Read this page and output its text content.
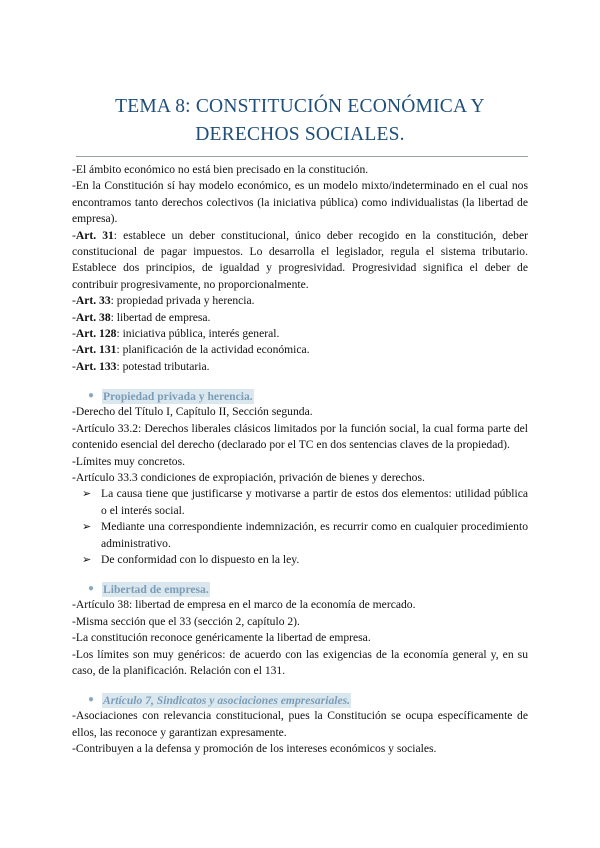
TEMA 8: CONSTITUCIÓN ECONÓMICA Y
DERECHOS SOCIALES.

-El ámbito económico no está bien precisado en la constitución.

-En la Constitución sí hay modelo económico, es un modelo mixto/indeterminado en el cual nos encontramos tanto derechos colectivos (la iniciativa pública) como individualistas (la libertad de empresa).

-Art. 31: establece un deber constitucional, único deber recogido en la constitución, deber constitucional de pagar impuestos. Lo desarrolla el legislador, regula el sistema tributario. Establece dos principios, de igualdad y progresividad. Progresividad significa el deber de contribuir progresivamente, no proporcionalmente.

-Art. 33: propiedad privada y herencia.

-Art. 38: libertad de empresa.

-Art. 128: iniciativa pública, interés general.

-Art. 131: planificación de la actividad económica.

-Art. 133: potestad tributaria.

● Propiedad privada y herencia.

-Derecho del Título I, Capítulo II, Sección segunda.

-Artículo 33.2: Derechos liberales clásicos limitados por la función social, la cual forma parte del contenido esencial del derecho (declarado por el TC en dos sentencias claves de la propiedad).

-Límites muy concretos.

-Artículo 33.3 condiciones de expropiación, privación de bienes y derechos.

➢ La causa tiene que justificarse y motivarse a partir de estos dos elementos: utilidad pública o el interés social.
➢ Mediante una correspondiente indemnización, es recurrir como en cualquier procedimiento administrativo.
➢ De conformidad con lo dispuesto en la ley.
● Libertad de empresa.

-Artículo 38: libertad de empresa en el marco de la economía de mercado.

-Misma sección que el 33 (sección 2, capítulo 2).

-La constitución reconoce genéricamente la libertad de empresa.

-Los límites son muy genéricos: de acuerdo con las exigencias de la economía general y, en su caso, de la planificación. Relación con el 131.

● Artículo 7, Sindicatos y asociaciones empresariales.

-Asociaciones con relevancia constitucional, pues la Constitución se ocupa específicamente de ellos, las reconoce y garantizan expresamente.

-Contribuyen a la defensa y promoción de los intereses económicos y sociales.
